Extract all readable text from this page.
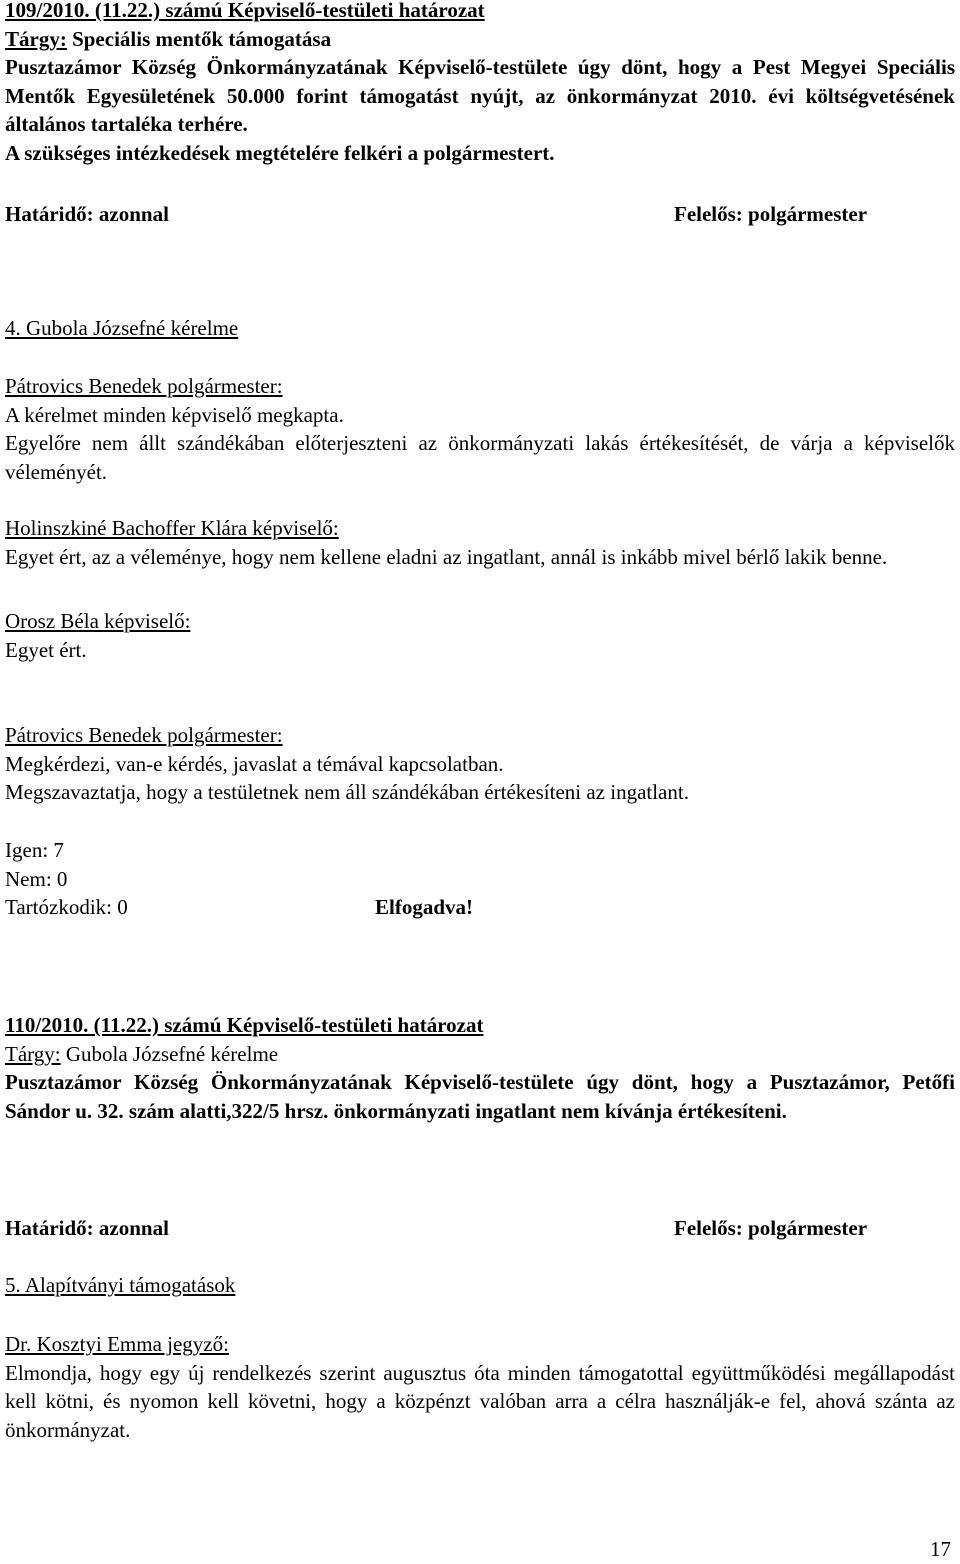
109/2010. (11.22.) számú Képviselő-testületi határozat

Tárgy: Speciális mentők támogatása

Pusztazámor Község Önkormányzatának Képviselő-testülete úgy dönt, hogy a Pest Megyei Speciális Mentők Egyesületének 50.000 forint támogatást nyújt, az önkormányzat 2010. évi költségvetésének általános tartaléka terhére.

A szükséges intézkedések megtételére felkéri a polgármestert.

Határidő: azonnal	Felelős: polgármester

4. Gubola Józsefné kérelme

Pátrovics Benedek polgármester:

A kérelmet minden képviselő megkapta.

Egyelőre nem állt szándékában előterjeszteni az önkormányzati lakás értékesítését, de várja a képviselők véleményét.

Holinszkiné Bachoffer Klára képviselő:

Egyet ért, az a véleménye, hogy nem kellene eladni az ingatlant, annál is inkább mivel bérlő lakik benne.

Orosz Béla képviselő:

Egyet ért.

Pátrovics Benedek polgármester:

Megkérdezi, van-e kérdés, javaslat a témával kapcsolatban.

Megszavaztatja, hogy a testületnek nem áll szándékában értékesíteni az ingatlant.

Igen: 7

Nem: 0

Tartózkodik: 0	Elfogadva!

110/2010. (11.22.) számú Képviselő-testületi határozat

Tárgy: Gubola Józsefné kérelme

Pusztazámor Község Önkormányzatának Képviselő-testülete úgy dönt, hogy a Pusztazámor, Petőfi Sándor u. 32. szám alatti,322/5 hrsz. önkormányzati ingatlant nem kívánja értékesíteni.

Határidő: azonnal	Felelős: polgármester

5. Alapítványi támogatások

Dr. Kosztyi Emma jegyző:

Elmondja, hogy egy új rendelkezés szerint augusztus óta minden támogatottal együttműködési megállapodást kell kötni, és nyomon kell követni, hogy a közpénzt valóban arra a célra használják-e fel, ahová szánta az önkormányzat.

17
